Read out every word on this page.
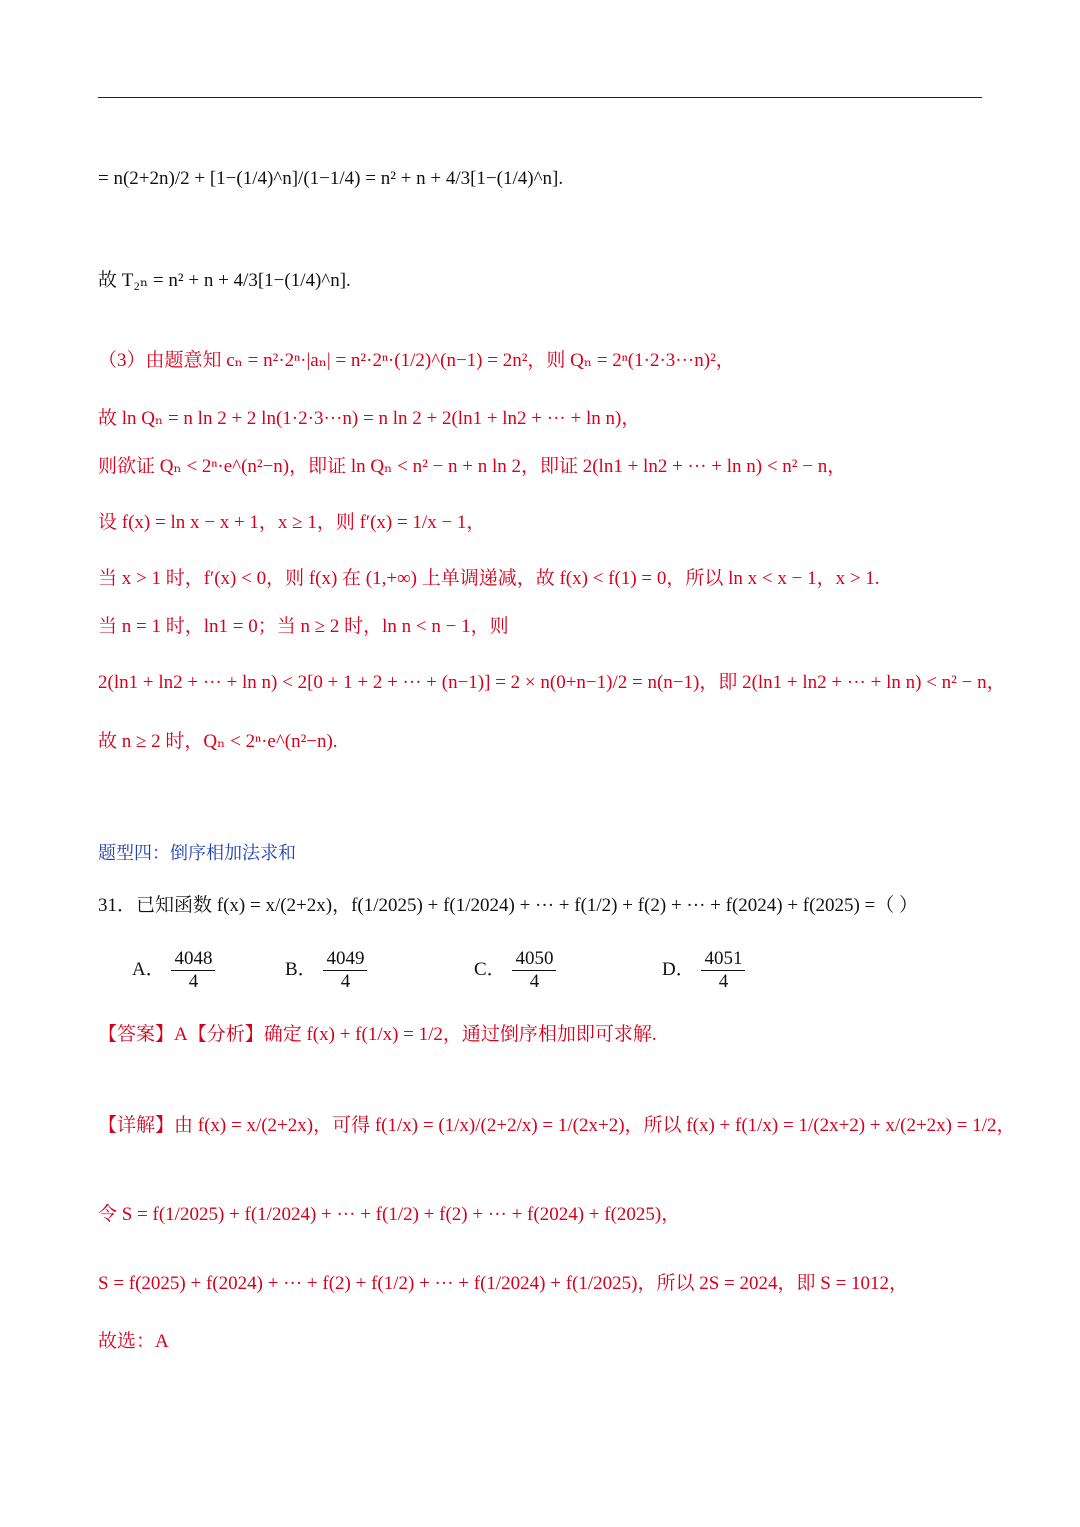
= n(2+2n)/2 + [1−(1/4)^n]/(1−1/4) = n² + n + 4/3[1−(1/4)^n].
故 T₂ₙ = n² + n + 4/3[1−(1/4)^n].
（3）由题意知 cₙ = n²·2ⁿ·|aₙ| = n²·2ⁿ·(1/2)^(n−1) = 2n²，则 Qₙ = 2ⁿ(1·2·3···n)²，
故 ln Qₙ = n ln 2 + 2 ln(1·2·3···n) = n ln 2 + 2(ln1 + ln2 + ··· + ln n)，
则欲证 Qₙ < 2ⁿ·e^(n²−n)，即证 ln Qₙ < n² − n + n ln 2，即证 2(ln1 + ln2 + ··· + ln n) < n² − n，
设 f(x) = ln x − x + 1，x ≥ 1，则 f′(x) = 1/x − 1，
当 x > 1 时，f′(x) < 0，则 f(x) 在 (1,+∞) 上单调递减，故 f(x) < f(1) = 0，所以 ln x < x − 1，x > 1.
当 n = 1 时，ln1 = 0；当 n ≥ 2 时，ln n < n − 1，则
2(ln1 + ln2 + ··· + ln n) < 2[0 + 1 + 2 + ··· + (n−1)] = 2 × n(0+n−1)/2 = n(n−1)，即 2(ln1 + ln2 + ··· + ln n) < n² − n，
故 n ≥ 2 时，Qₙ < 2ⁿ·e^(n²−n).
题型四：倒序相加法求和
31．已知函数 f(x) = x/(2+2x)，f(1/2025) + f(1/2024) + ··· + f(1/2) + f(2) + ··· + f(2024) + f(2025) =（ ）
A． $\frac{4048}{4}$	B． $\frac{4049}{4}$	C． $\frac{4050}{4}$	D． $\frac{4051}{4}$
【答案】A【分析】确定 f(x) + f(1/x) = 1/2，通过倒序相加即可求解.
【详解】由 f(x) = x/(2+2x)，可得 f(1/x) = (1/x)/(2+2/x) = 1/(2x+2)，所以 f(x) + f(1/x) = 1/(2x+2) + x/(2+2x) = 1/2，
令 S = f(1/2025) + f(1/2024) + ··· + f(1/2) + f(2) + ··· + f(2024) + f(2025)，
S = f(2025) + f(2024) + ··· + f(2) + f(1/2) + ··· + f(1/2024) + f(1/2025)，所以 2S = 2024，即 S = 1012，
故选：A
